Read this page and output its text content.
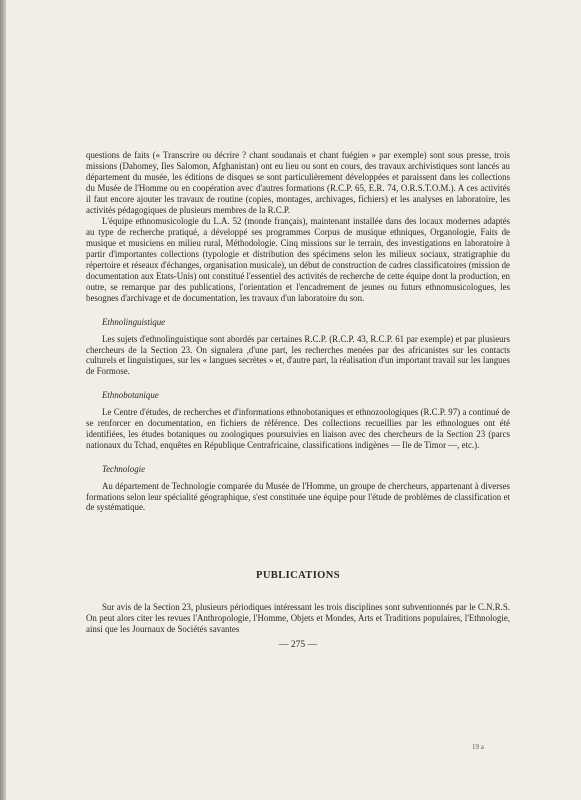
questions de faits (« Transcrire ou décrire ? chant soudanais et chant fuégien » par exemple) sont sous presse, trois missions (Dahomey, Iles Salomon, Afghanistan) ont eu lieu ou sont en cours, des travaux archivistiques sont lancés au département du musée, les éditions de disques se sont particulièrement développées et paraissent dans les collections du Musée de l'Homme ou en coopération avec d'autres formations (R.C.P. 65, E.R. 74, O.R.S.T.O.M.). A ces activités il faut encore ajouter les travaux de routine (copies, montages, archivages, fichiers) et les analyses en laboratoire, les activités pédagogiques de plusieurs membres de la R.C.P.

L'équipe ethnomusicologie du L.A. 52 (monde français), maintenant installée dans des locaux modernes adaptés au type de recherche pratiqué, a développé ses programmes Corpus de musique ethniques, Organologie, Faits de musique et musiciens en milieu rural, Méthodologie. Cinq missions sur le terrain, des investigations en laboratoire à partir d'importantes collections (typologie et distribution des spécimens selon les milieux sociaux, stratigraphie du répertoire et réseaux d'échanges, organisation musicale), un début de construction de cadres classificatoires (mission de documentation aux Etats-Unis) ont constitué l'essentiel des activités de recherche de cette équipe dont la production, en outre, se remarque par des publications, l'orientation et l'encadrement de jeunes ou futurs ethnomusicologues, les besognes d'archivage et de documentation, les travaux d'un laboratoire du son.

Ethnolinguistique

Les sujets d'ethnolinguistique sont abordés par certaines R.C.P. (R.C.P. 43, R.C.P. 61 par exemple) et par plusieurs chercheurs de la Section 23. On signalera ,d'une part, les recherches menées par des africanistes sur les contacts culturels et linguistiques, sur les « langues secrètes » et, d'autre part, la réalisation d'un important travail sur les langues de Formose.

Ethnobotanique

Le Centre d'études, de recherches et d'informations ethnobotaniques et ethnozoologiques (R.C.P. 97) a continué de se renforcer en documentation, en fichiers de référence. Des collections recueillies par les ethnologues ont été identifiées, les études botaniques ou zoologiques poursuivies en liaison avec des chercheurs de la Section 23 (parcs nationaux du Tchad, enquêtes en République Centrafricaine, classifications indigènes — Ile de Timor —, etc.).

Technologie

Au département de Technologie comparée du Musée de l'Homme, un groupe de chercheurs, appartenant à diverses formations selon leur spécialité géographique, s'est constituée une équipe pour l'étude de problèmes de classification et de systématique.

PUBLICATIONS

Sur avis de la Section 23, plusieurs périodiques intéressant les trois disciplines sont subventionnés par le C.N.R.S. On peut alors citer les revues l'Anthropologie, l'Homme, Objets et Mondes, Arts et Traditions populaires, l'Ethnologie, ainsi que les Journaux de Sociétés savantes

— 275 —
19 a
